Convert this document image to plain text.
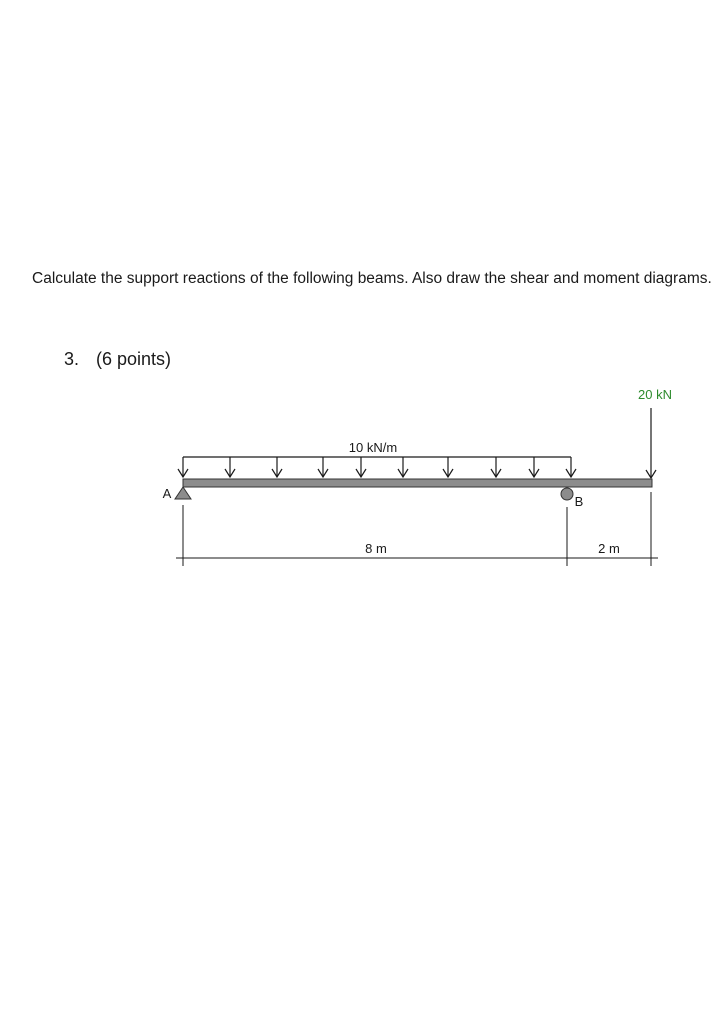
Calculate the support reactions of the following beams. Also draw the shear and moment diagrams.

3. (6 points)

10 kN/m
20 kN
A
B
8 m	2 m
